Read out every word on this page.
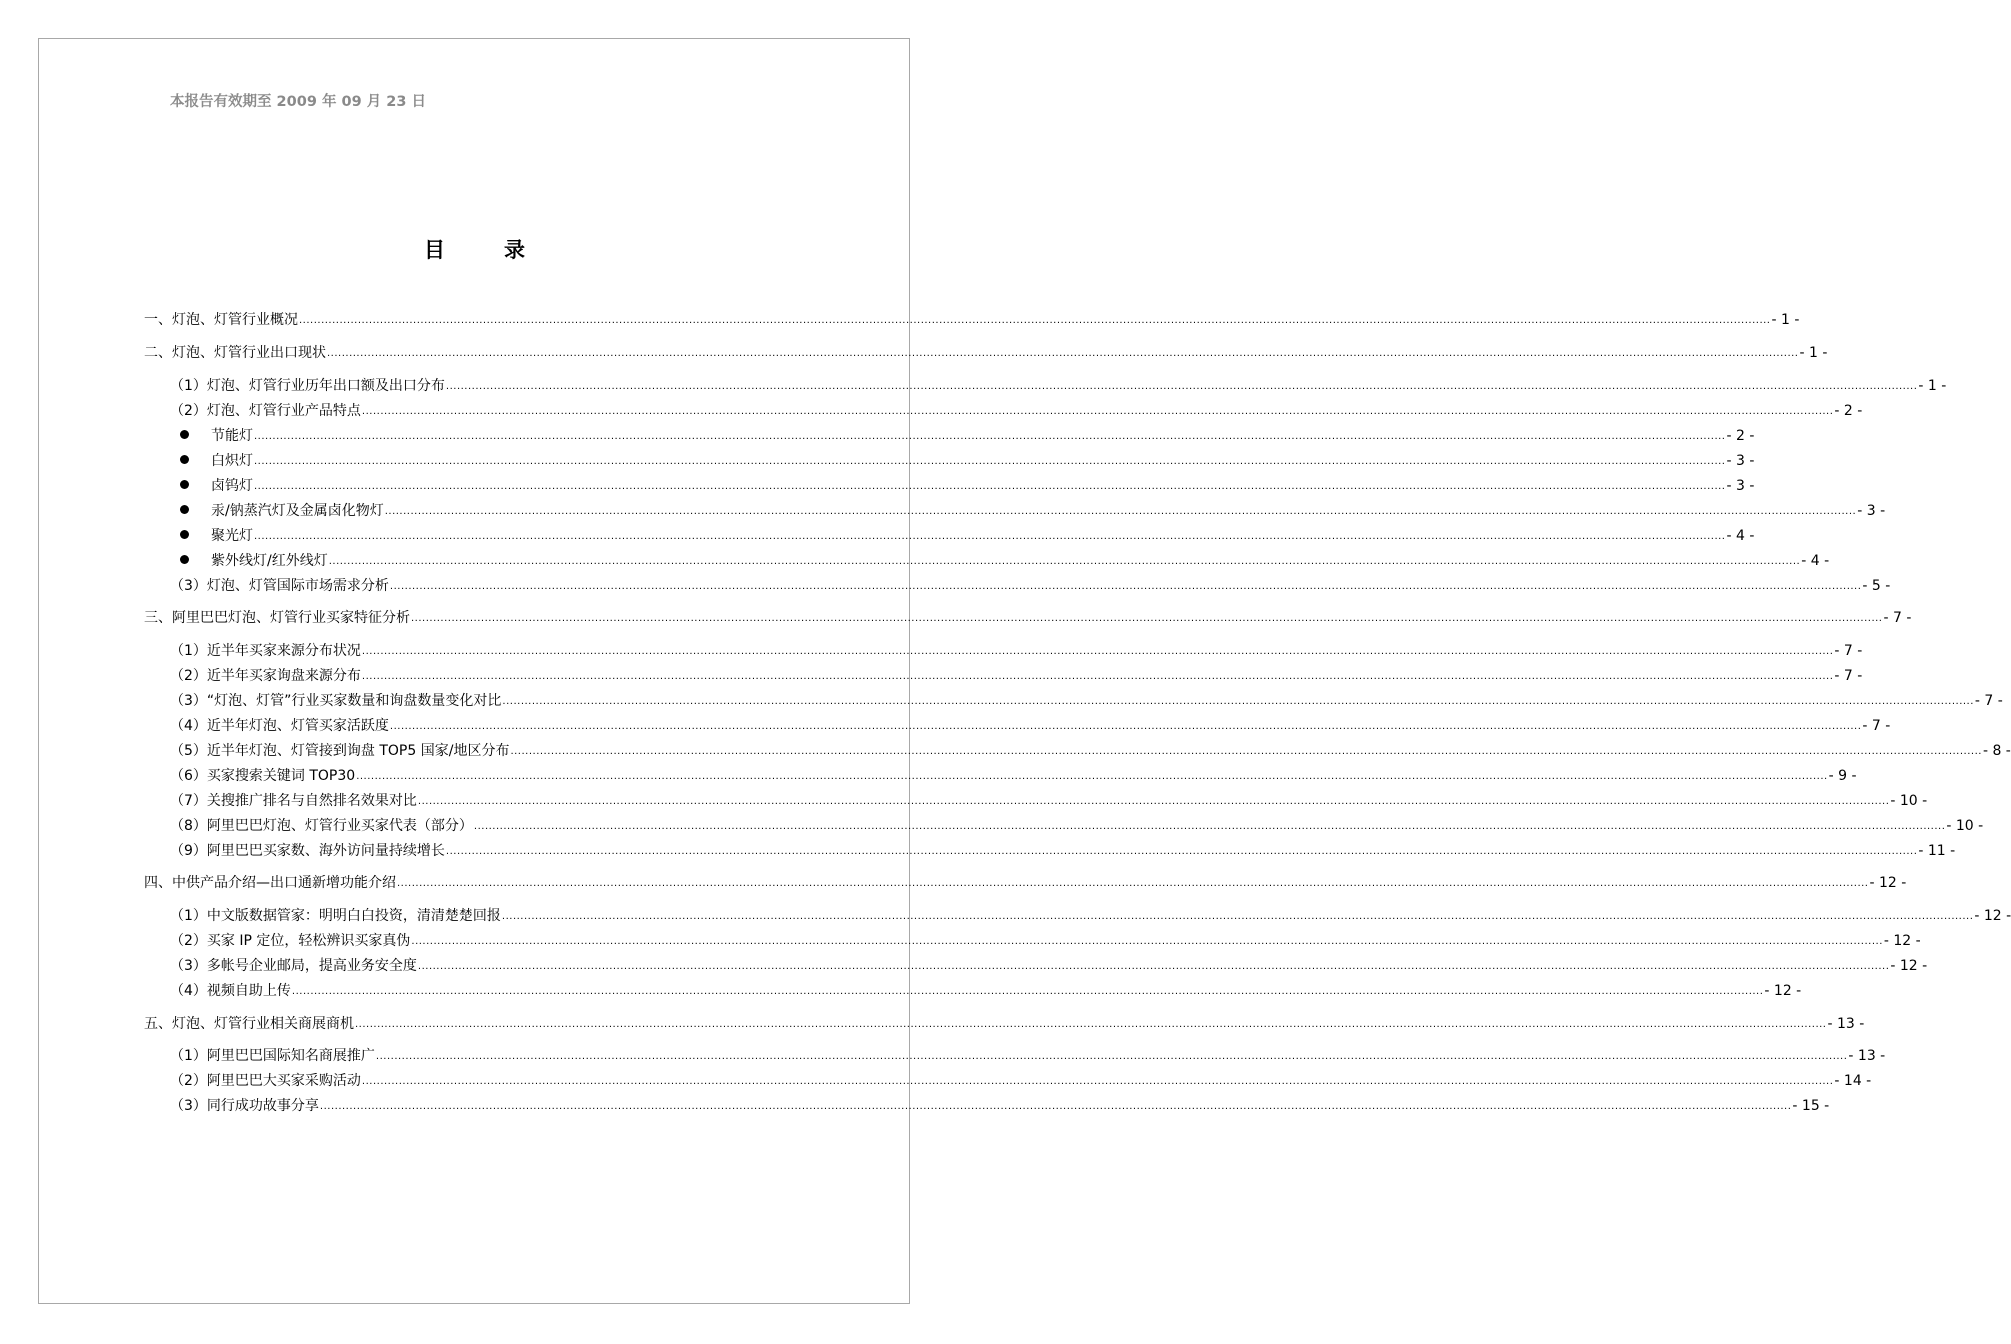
本报告有效期至 2009 年 09 月 23 日
目	录
一、灯泡、灯管行业概况 ................................................................................................................................................................................................................................................................................................................................................................................................................ - 1 -
二、灯泡、灯管行业出口现状 ................................................................................................................................................................................................................................................................................................................................................................................................................ - 1 -
（1）灯泡、灯管行业历年出口额及出口分布 ................................................................................................................................................................................................................................................................................................................................................................................................................ - 1 -
（2）灯泡、灯管行业产品特点 ................................................................................................................................................................................................................................................................................................................................................................................................................ - 2 -
节能灯 ................................................................................................................................................................................................................................................................................................................................................................................................................ - 2 -
白炽灯 ................................................................................................................................................................................................................................................................................................................................................................................................................ - 3 -
卤钨灯 ................................................................................................................................................................................................................................................................................................................................................................................................................ - 3 -
汞/钠蒸汽灯及金属卤化物灯 ................................................................................................................................................................................................................................................................................................................................................................................................................ - 3 -
聚光灯 ................................................................................................................................................................................................................................................................................................................................................................................................................ - 4 -
紫外线灯/红外线灯 ................................................................................................................................................................................................................................................................................................................................................................................................................ - 4 -
（3）灯泡、灯管国际市场需求分析 ................................................................................................................................................................................................................................................................................................................................................................................................................ - 5 -
三、阿里巴巴灯泡、灯管行业买家特征分析 ................................................................................................................................................................................................................................................................................................................................................................................................................ - 7 -
（1）近半年买家来源分布状况 ................................................................................................................................................................................................................................................................................................................................................................................................................ - 7 -
（2）近半年买家询盘来源分布 ................................................................................................................................................................................................................................................................................................................................................................................................................ - 7 -
（3）“灯泡、灯管”行业买家数量和询盘数量变化对比 ................................................................................................................................................................................................................................................................................................................................................................................................................ - 7 -
（4）近半年灯泡、灯管买家活跃度 ................................................................................................................................................................................................................................................................................................................................................................................................................ - 7 -
（5）近半年灯泡、灯管接到询盘 TOP5 国家/地区分布 ................................................................................................................................................................................................................................................................................................................................................................................................................ - 8 -
（6）买家搜索关键词 TOP30 ................................................................................................................................................................................................................................................................................................................................................................................................................ - 9 -
（7）关搜推广排名与自然排名效果对比 ................................................................................................................................................................................................................................................................................................................................................................................................................ - 10 -
（8）阿里巴巴灯泡、灯管行业买家代表（部分） ................................................................................................................................................................................................................................................................................................................................................................................................................ - 10 -
（9）阿里巴巴买家数、海外访问量持续增长 ................................................................................................................................................................................................................................................................................................................................................................................................................ - 11 -
四、中供产品介绍—出口通新增功能介绍 ................................................................................................................................................................................................................................................................................................................................................................................................................ - 12 -
（1）中文版数据管家：明明白白投资，清清楚楚回报 ................................................................................................................................................................................................................................................................................................................................................................................................................ - 12 -
（2）买家 IP 定位，轻松辨识买家真伪 ................................................................................................................................................................................................................................................................................................................................................................................................................ - 12 -
（3）多帐号企业邮局，提高业务安全度 ................................................................................................................................................................................................................................................................................................................................................................................................................ - 12 -
（4）视频自助上传 ................................................................................................................................................................................................................................................................................................................................................................................................................ - 12 -
五、灯泡、灯管行业相关商展商机 ................................................................................................................................................................................................................................................................................................................................................................................................................ - 13 -
（1）阿里巴巴国际知名商展推广 ................................................................................................................................................................................................................................................................................................................................................................................................................ - 13 -
（2）阿里巴巴大买家采购活动 ................................................................................................................................................................................................................................................................................................................................................................................................................ - 14 -
（3）同行成功故事分享 ................................................................................................................................................................................................................................................................................................................................................................................................................ - 15 -
